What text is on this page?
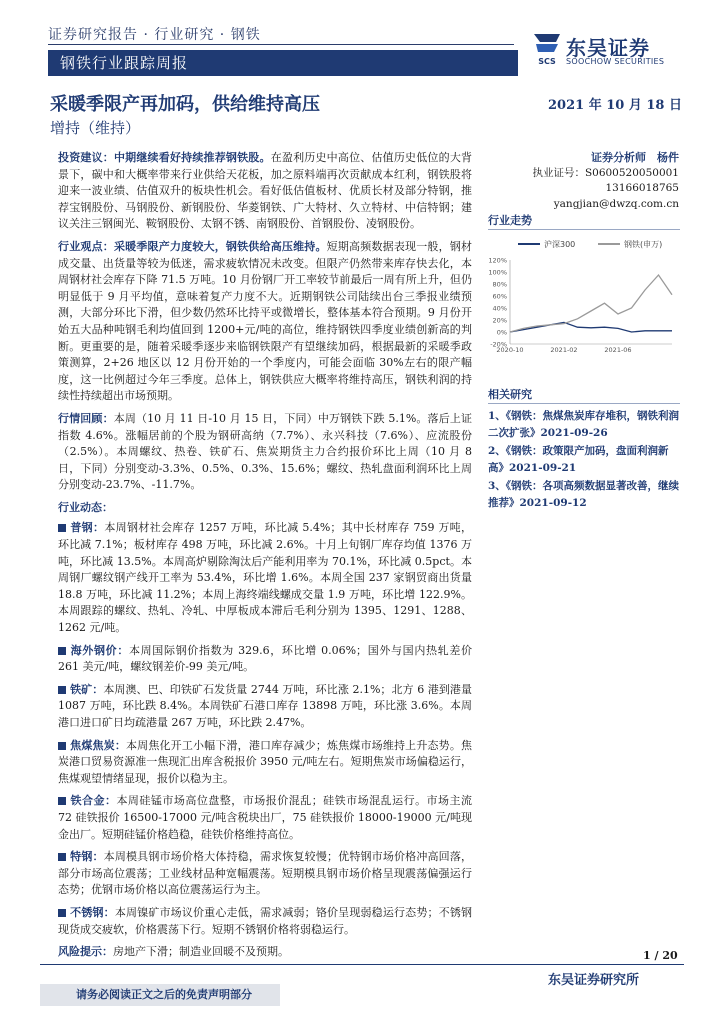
证券研究报告 · 行业研究 · 钢铁
钢铁行业跟踪周报	SCS
东吴证券
SOOCHOW SECURITIES
采暖季限产再加码，供给维持高压
增持（维持）
2021 年 10 月 18 日

投资建议：中期继续看好持续推荐钢铁股。在盈利历史中高位、估值历史低位的大背景下，碳中和大概率带来行业供给天花板，加之原料端再次贡献成本红利，钢铁股将迎来一波业绩、估值双升的板块性机会。看好低估值板材、优质长材及部分特钢，推荐宝钢股份、马钢股份、新钢股份、华菱钢铁、广大特材、久立特材、中信特钢；建议关注三钢闽光、鞍钢股份、太钢不锈、南钢股份、首钢股份、凌钢股份。

行业观点：采暖季限产力度较大，钢铁供给高压维持。短期高频数据表现一般，钢材成交量、出货量等较为低迷，需求疲软情况未改变。但限产仍然带来库存快去化，本周钢材社会库存下降 71.5 万吨。10 月份钢厂开工率较节前最后一周有所上升，但仍明显低于 9 月平均值，意味着复产力度不大。近期钢铁公司陆续出台三季报业绩预测，大部分环比下滑，但少数仍然环比持平或微增长，整体基本符合预期。9 月份开始五大品种吨钢毛利均值回到 1200+元/吨的高位，维持钢铁四季度业绩创新高的判断。更重要的是，随着采暖季逐步来临钢铁限产有望继续加码，根据最新的采暖季政策测算，2+26 地区以 12 月份开始的一个季度内，可能会面临 30%左右的限产幅度，这一比例超过今年三季度。总体上，钢铁供应大概率将维持高压，钢铁利润的持续性持续超出市场预期。

行情回顾：本周（10 月 11 日-10 月 15 日，下同）中万钢铁下跌 5.1%。落后上证指数 4.6%。涨幅居前的个股为钢研高纳（7.7%）、永兴科技（7.6%）、应流股份（2.5%）。本周螺纹、热卷、铁矿石、焦炭期货主力合约报价环比上周（10 月 8 日，下同）分别变动-3.3%、0.5%、0.3%、15.6%；螺纹、热轧盘面利润环比上周分别变动-23.7%、-11.7%。

行业动态：

普钢：本周钢材社会库存 1257 万吨，环比减 5.4%；其中长材库存 759 万吨，环比减 7.1%；板材库存 498 万吨，环比减 2.6%。十月上旬钢厂库存均值 1376 万吨，环比减 13.5%。本周高炉剔除淘汰后产能利用率为 70.1%，环比减 0.5pct。本周钢厂螺纹钢产线开工率为 53.4%，环比增 1.6%。本周全国 237 家钢贸商出货量 18.8 万吨，环比减 11.2%；本周上海终端线螺成交量 1.9 万吨，环比增 122.9%。本周跟踪的螺纹、热轧、冷轧、中厚板成本滞后毛利分别为 1395、1291、1288、1262 元/吨。

海外钢价：本周国际钢价指数为 329.6，环比增 0.06%；国外与国内热轧差价 261 美元/吨，螺纹钢差价-99 美元/吨。

铁矿：本周澳、巴、印铁矿石发货量 2744 万吨，环比涨 2.1%；北方 6 港到港量 1087 万吨，环比跌 8.4%。本周铁矿石港口库存 13898 万吨，环比涨 3.6%。本周港口进口矿日均疏港量 267 万吨，环比跌 2.47%。

焦煤焦炭：本周焦化开工小幅下滑，港口库存减少；炼焦煤市场维持上升态势。焦炭港口贸易资源准一焦现汇出库含税报价 3950 元/吨左右。短期焦炭市场偏稳运行，焦煤观望情绪显现，报价以稳为主。

铁合金：本周硅锰市场高位盘整，市场报价混乱；硅铁市场混乱运行。市场主流 72 硅铁报价 16500-17000 元/吨含税块出厂，75 硅铁报价 18000-19000 元/吨现金出厂。短期硅锰价格趋稳，硅铁价格维持高位。

特钢：本周模具钢市场价格大体持稳，需求恢复较慢；优特钢市场价格冲高回落，部分市场高位震荡；工业线材品种宽幅震荡。短期模具钢市场价格呈现震荡偏强运行态势；优钢市场价格以高位震荡运行为主。

不锈钢：本周镍矿市场议价重心走低，需求减弱；铬价呈现弱稳运行态势；不锈钢现货成交疲软，价格震荡下行。短期不锈钢价格将弱稳运行。

风险提示：房地产下滑；制造业回暖不及预期。

证券分析师　杨件
执业证号：S0600520050001
13166018765
yangjian@dwzq.com.cn
行业走势
沪深300	钢铁(申万)
120%
100%
80%
60%
40%
20%
0%
-20%
2020-10	2021-02	2021-06
相关研究
1、《钢铁：焦煤焦炭库存堆积，钢铁利润二次扩张》2021-09-26
2、《钢铁：政策限产加码，盘面利润新高》2021-09-21
3、《钢铁：各项高频数据显著改善，继续推荐》2021-09-12
1 / 20
东吴证券研究所
请务必阅读正文之后的免责声明部分
